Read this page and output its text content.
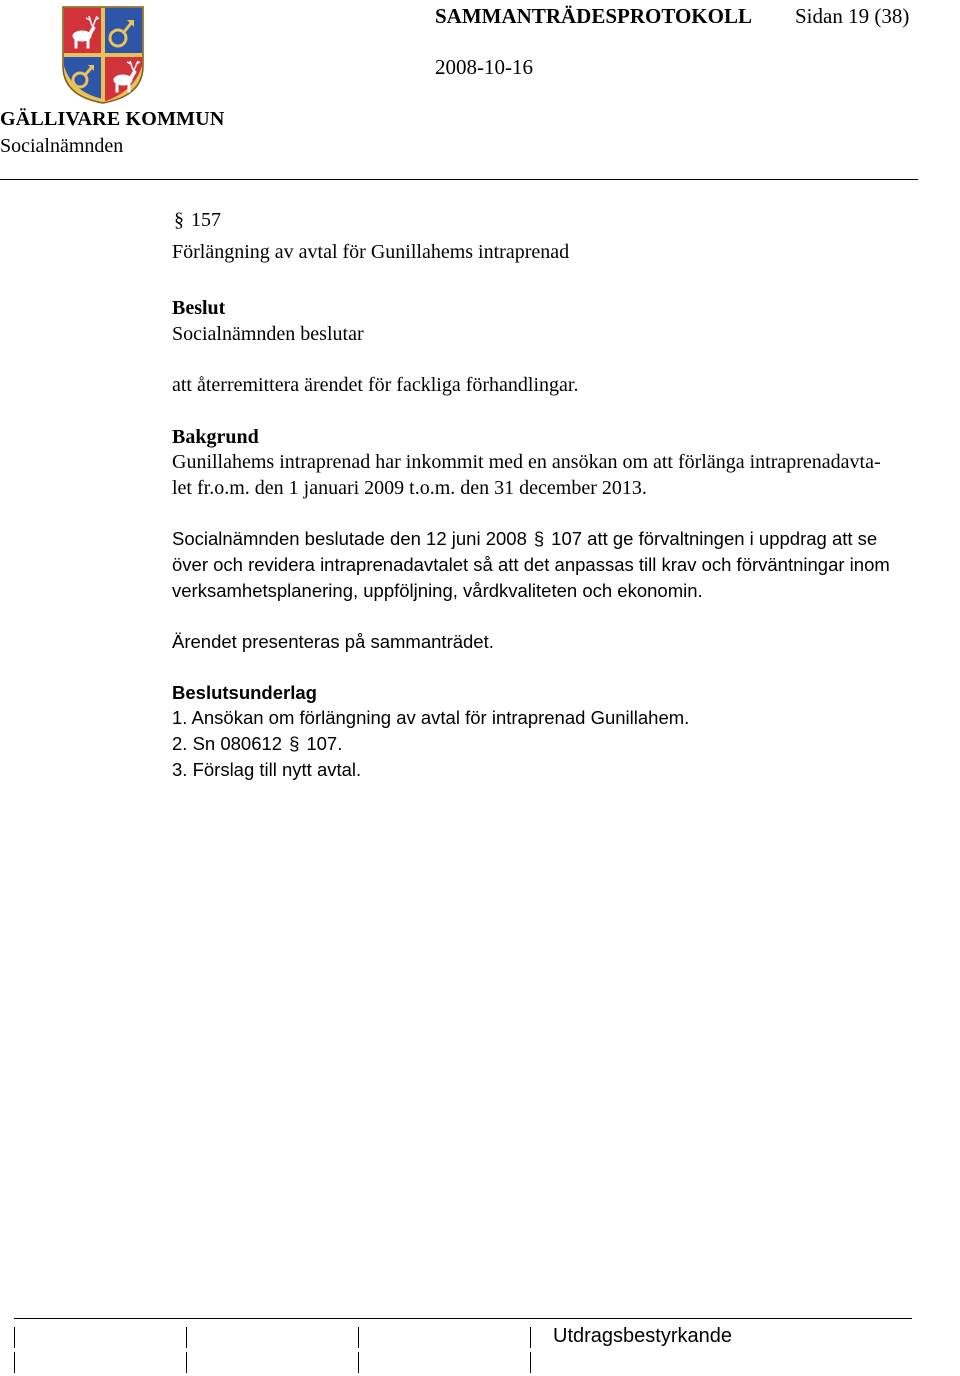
GÄLLIVARE KOMMUN
Socialnämnden
SAMMANTRÄDESPROTOKOLL Sidan 19 (38)
2008-10-16
§ 157
Förlängning av avtal för Gunillahems intraprenad
Beslut
Socialnämnden beslutar
att återremittera ärendet för fackliga förhandlingar.
Bakgrund
Gunillahems intraprenad har inkommit med en ansökan om att förlänga intraprenadavta-
let fr.o.m. den 1 januari 2009 t.o.m. den 31 december 2013.
Socialnämnden beslutade den 12 juni 2008 § 107 att ge förvaltningen i uppdrag att se
över och revidera intraprenadavtalet så att det anpassas till krav och förväntningar inom
verksamhetsplanering, uppföljning, vårdkvaliteten och ekonomin.
Ärendet presenteras på sammanträdet.
Beslutsunderlag
1. Ansökan om förlängning av avtal för intraprenad Gunillahem.
2. Sn 080612 § 107.
3. Förslag till nytt avtal.
Utdragsbestyrkande
